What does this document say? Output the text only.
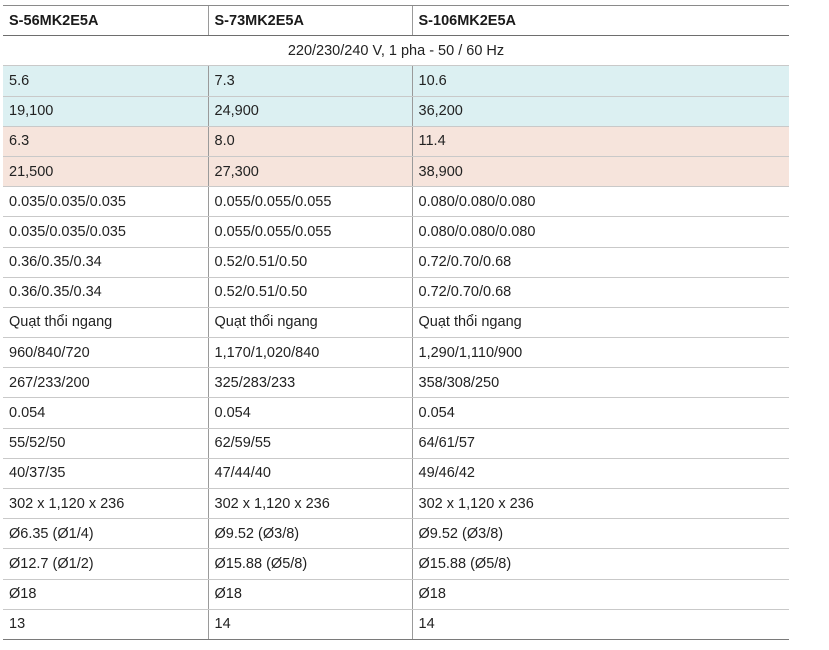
S-56MK2E5A	S-73MK2E5A	S-106MK2E5A
220/230/240 V, 1 pha - 50 / 60 Hz		
5.6	7.3	10.6
19,100	24,900	36,200
6.3	8.0	11.4
21,500	27,300	38,900
0.035/0.035/0.035	0.055/0.055/0.055	0.080/0.080/0.080
0.035/0.035/0.035	0.055/0.055/0.055	0.080/0.080/0.080
0.36/0.35/0.34	0.52/0.51/0.50	0.72/0.70/0.68
0.36/0.35/0.34	0.52/0.51/0.50	0.72/0.70/0.68
Quạt thổi ngang	Quạt thổi ngang	Quạt thổi ngang
960/840/720	1,170/1,020/840	1,290/1,110/900
267/233/200	325/283/233	358/308/250
0.054	0.054	0.054
55/52/50	62/59/55	64/61/57
40/37/35	47/44/40	49/46/42
302 x 1,120 x 236	302 x 1,120 x 236	302 x 1,120 x 236
Ø6.35 (Ø1/4)	Ø9.52 (Ø3/8)	Ø9.52 (Ø3/8)
Ø12.7 (Ø1/2)	Ø15.88 (Ø5/8)	Ø15.88 (Ø5/8)
Ø18	Ø18	Ø18
13	14	14
